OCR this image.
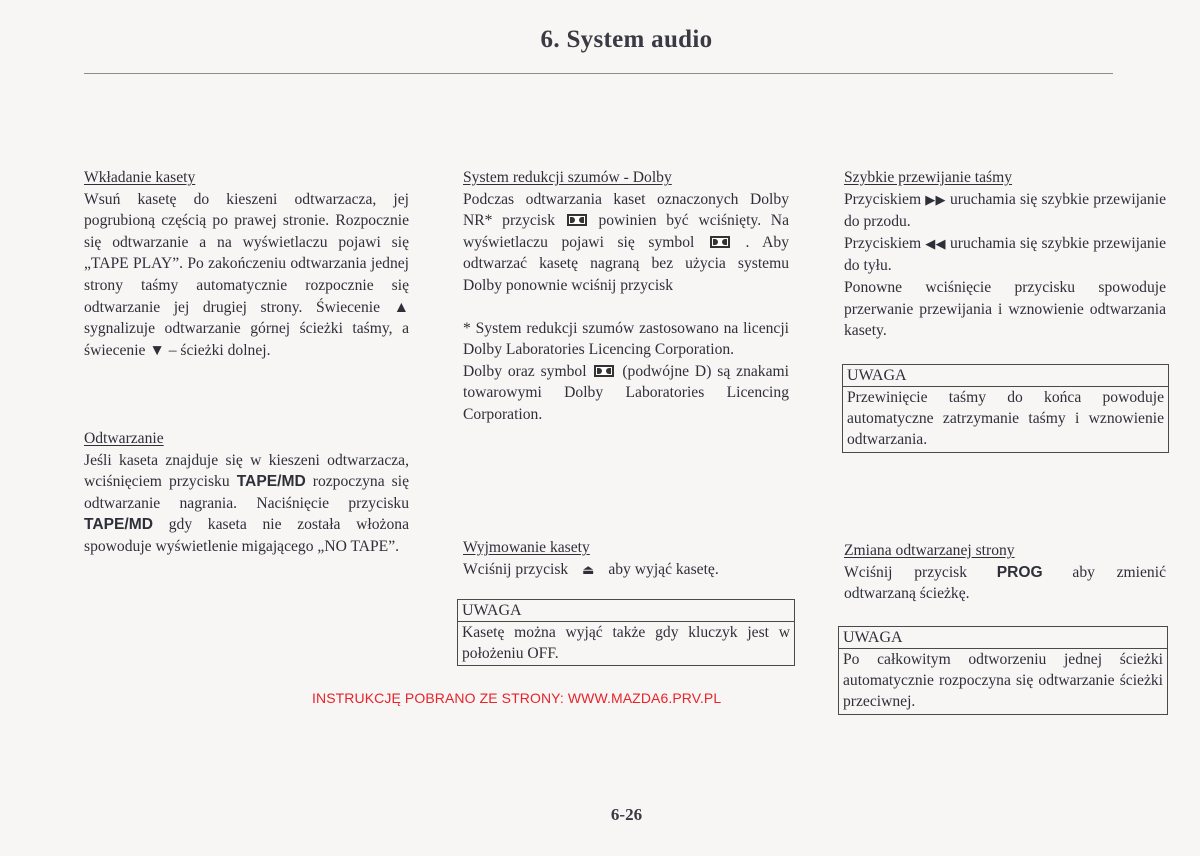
6. System audio
Wkładanie kasety
Wsuń kasetę do kieszeni odtwarzacza, jej pogrubioną częścią po prawej stronie. Rozpocznie się odtwarzanie a na wyświetlaczu pojawi się „TAPE PLAY”. Po zakończeniu odtwarzania jednej strony taśmy automatycznie rozpocznie się odtwarzanie jej drugiej strony. Świecenie ▲ sygnalizuje odtwarzanie górnej ścieżki taśmy, a świecenie ▼ – ścieżki dolnej.
Odtwarzanie
Jeśli kaseta znajduje się w kieszeni odtwarzacza, wciśnięciem przycisku TAPE/MD rozpoczyna się odtwarzanie nagrania. Naciśnięcie przycisku TAPE/MD gdy kaseta nie została włożona spowoduje wyświetlenie migającego „NO TAPE”.
System redukcji szumów - Dolby
Podczas odtwarzania kaset oznaczonych Dolby NR* przycisk	powinien być wciśnięty. Na wyświetlaczu pojawi się symbol	. Aby odtwarzać kasetę nagraną bez użycia systemu Dolby ponownie wciśnij przycisk
* System redukcji szumów zastosowano na licencji Dolby Laboratories Licencing Corporation.
Dolby oraz symbol (podwójne D) są znakami towarowymi Dolby Laboratories Licencing Corporation.
Wyjmowanie kasety
Wciśnij przycisk ⏏ aby wyjąć kasetę.
UWAGA
Kasetę można wyjąć także gdy kluczyk jest w położeniu OFF.
Szybkie przewijanie taśmy
Przyciskiem ▶▶ uruchamia się szybkie przewijanie do przodu.
Przyciskiem ◀◀ uruchamia się szybkie przewijanie do tyłu.
Ponowne wciśnięcie przycisku spowoduje przerwanie przewijania i wznowienie odtwarzania kasety.
UWAGA
Przewinięcie taśmy do końca powoduje automatyczne zatrzymanie taśmy i wznowienie odtwarzania.
Zmiana odtwarzanej strony
Wciśnij przycisk PROG aby zmienić odtwarzaną ścieżkę.
UWAGA
Po całkowitym odtworzeniu jednej ścieżki automatycznie rozpoczyna się odtwarzanie ścieżki przeciwnej.
INSTRUKCJĘ POBRANO ZE STRONY: WWW.MAZDA6.PRV.PL
6-26
